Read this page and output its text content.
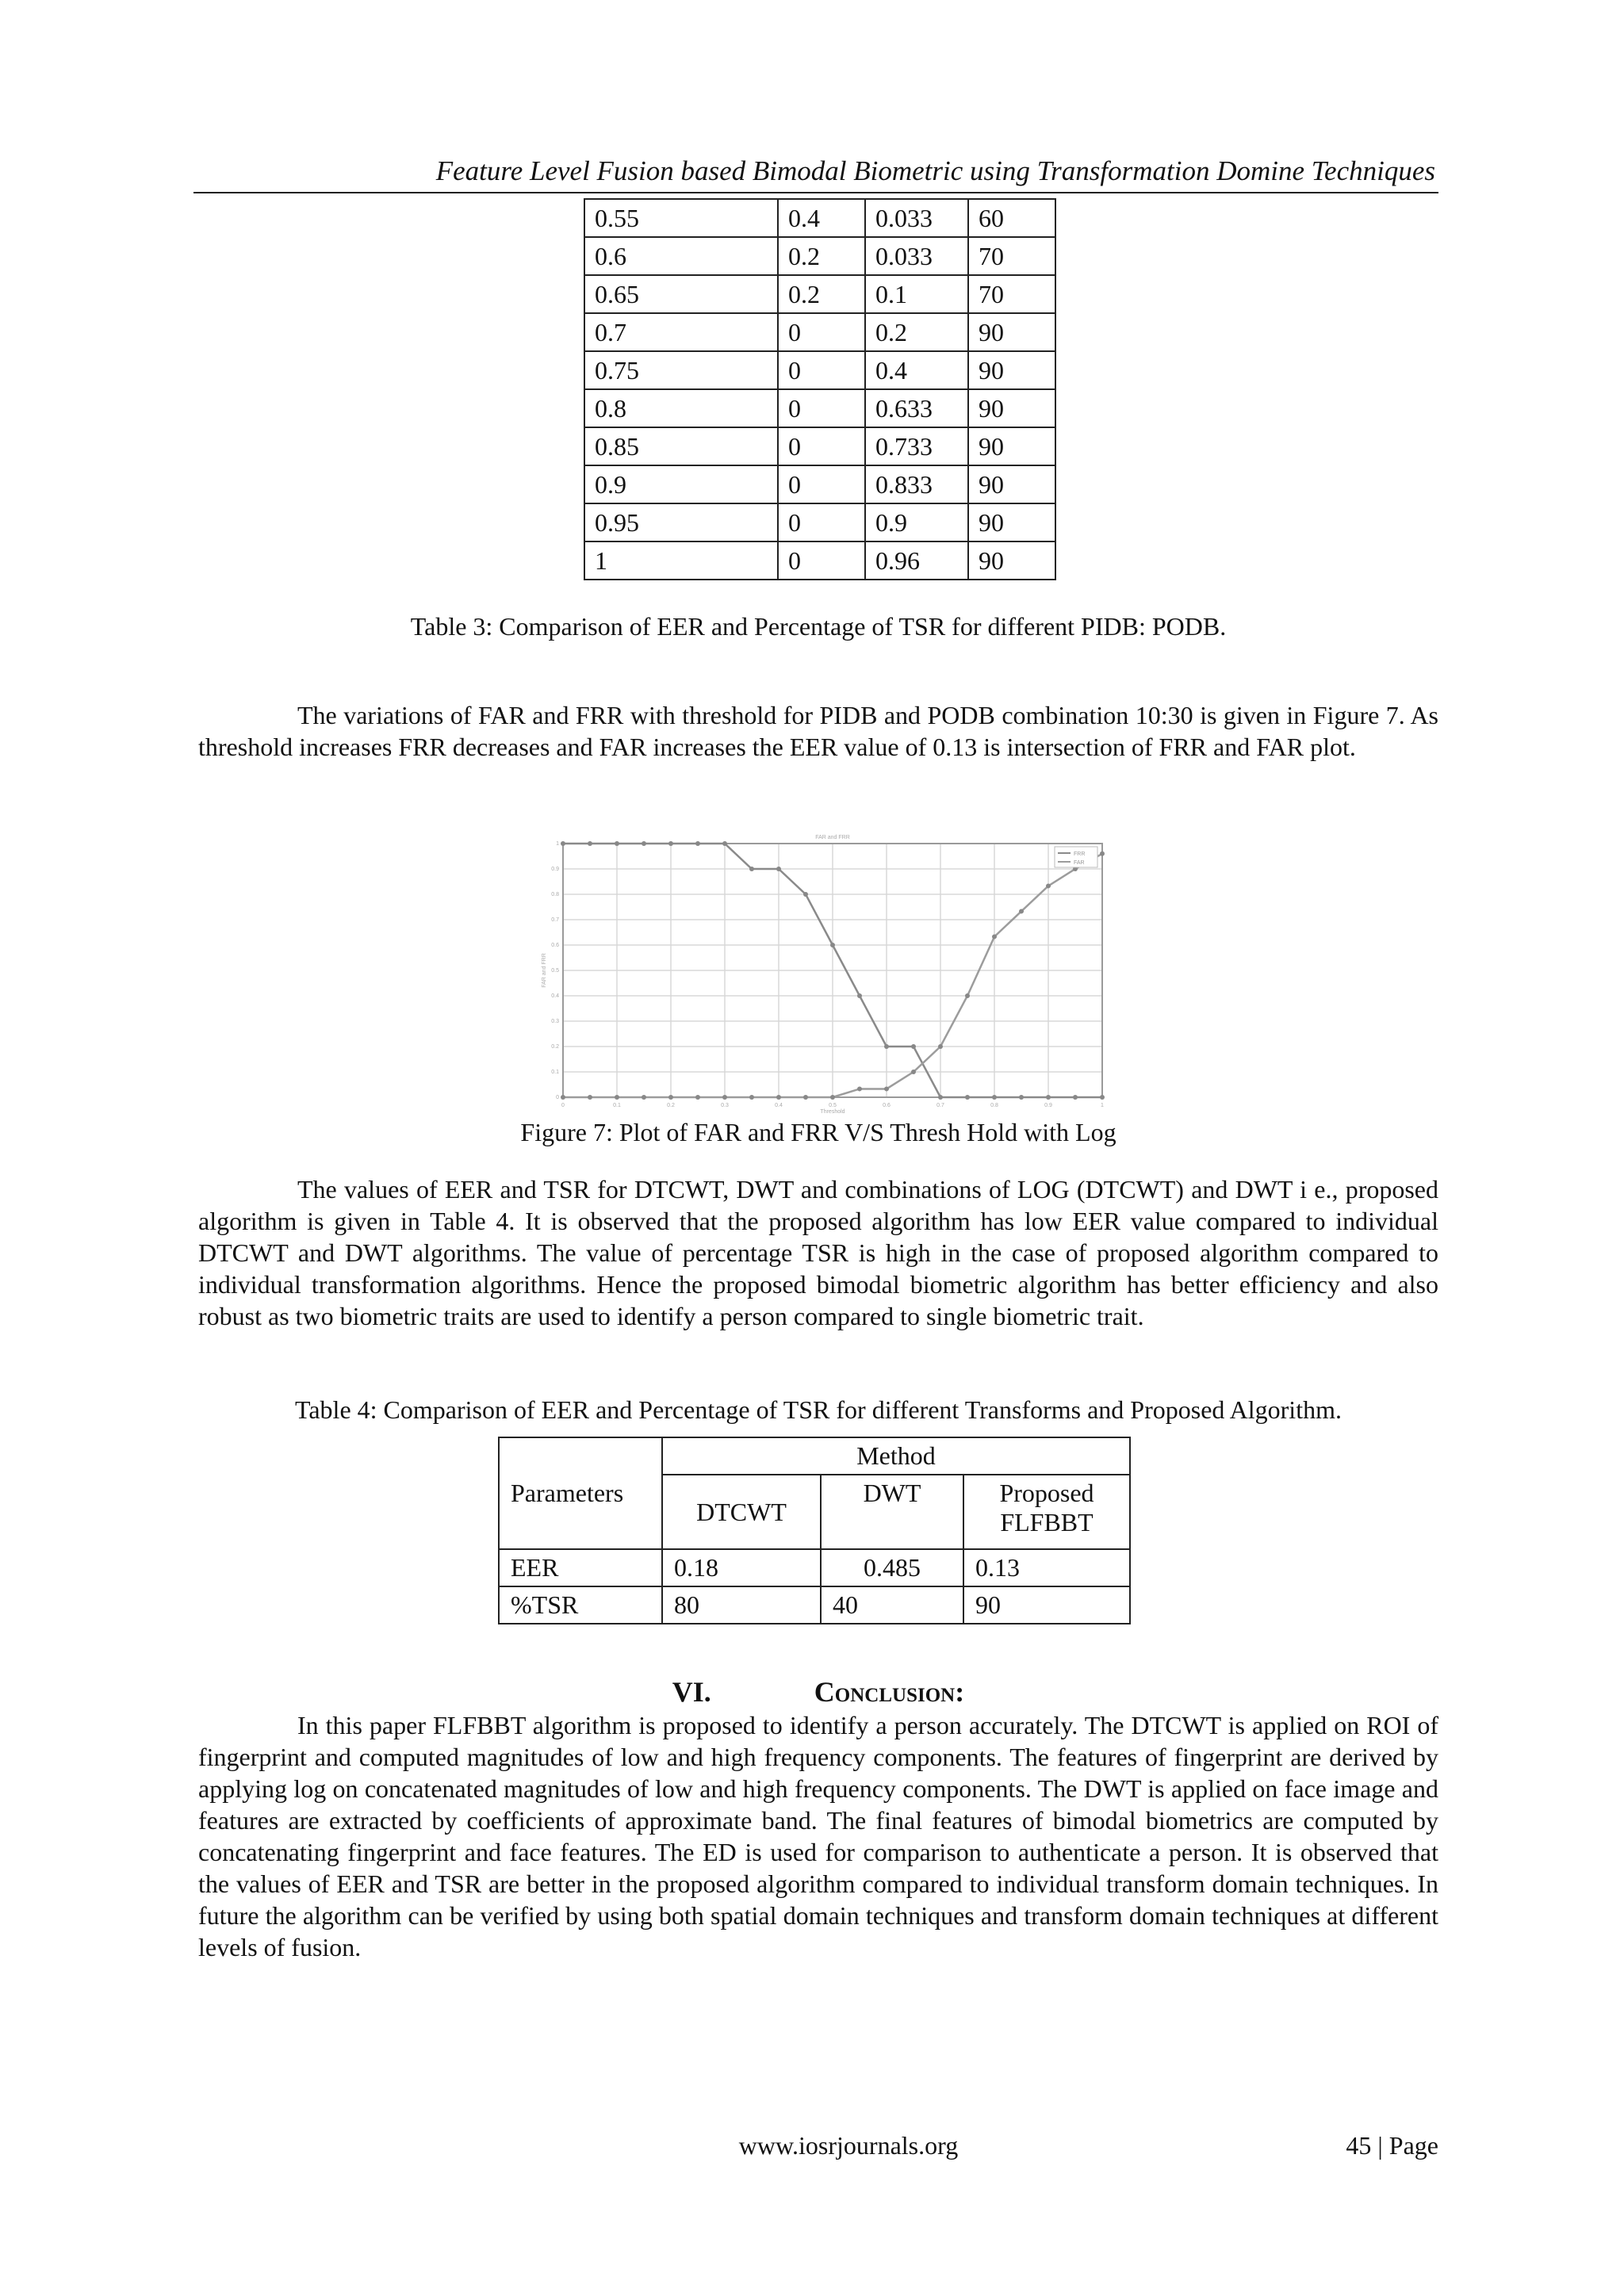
Feature Level Fusion based Bimodal Biometric using Transformation Domine Techniques
0.55	0.4	0.033	60
0.6	0.2	0.033	70
0.65	0.2	0.1	70
0.7	0	0.2	90
0.75	0	0.4	90
0.8	0	0.633	90
0.85	0	0.733	90
0.9	0	0.833	90
0.95	0	0.9	90
1	0	0.96	90
Table 3: Comparison of EER and Percentage of TSR for different PIDB: PODB.
The variations of FAR and FRR with threshold for PIDB and PODB combination 10:30 is given in Figure 7. As threshold increases FRR decreases and FAR increases the EER value of 0.13 is intersection of FRR and FAR plot.
0	0.1	0.2	0.3	0.4	0.5	0.6	0.7	0.8	0.9	1
0
0.1
0.2
0.3
0.4
0.5
0.6
0.7
0.8
0.9
1
FAR and FRR
Threshold
FAR and FRR
FRR
FAR
Figure 7: Plot of FAR and FRR V/S Thresh Hold with Log
The values of EER and TSR for DTCWT, DWT and combinations of LOG (DTCWT) and DWT i e., proposed algorithm is given in Table 4. It is observed that the proposed algorithm has low EER value compared to individual DTCWT and DWT algorithms. The value of percentage TSR is high in the case of proposed algorithm compared to individual transformation algorithms. Hence the proposed bimodal biometric algorithm has better efficiency and also robust as two biometric traits are used to identify a person compared to single biometric trait.
Table 4: Comparison of EER and Percentage of TSR for different Transforms and Proposed Algorithm.
Parameters	Method		
	DTCWT	DWT	Proposed FLFBBT
EER	0.18	0.485	0.13
%TSR	80	40	90
VI.	Conclusion:
In this paper FLFBBT algorithm is proposed to identify a person accurately. The DTCWT is applied on ROI of fingerprint and computed magnitudes of low and high frequency components. The features of fingerprint are derived by applying log on concatenated magnitudes of low and high frequency components. The DWT is applied on face image and features are extracted by coefficients of approximate band. The final features of bimodal biometrics are computed by concatenating fingerprint and face features. The ED is used for comparison to authenticate a person. It is observed that the values of EER and TSR are better in the proposed algorithm compared to individual transform domain techniques. In future the algorithm can be verified by using both spatial domain techniques and transform domain techniques at different levels of fusion.
www.iosrjournals.org	45 | Page
